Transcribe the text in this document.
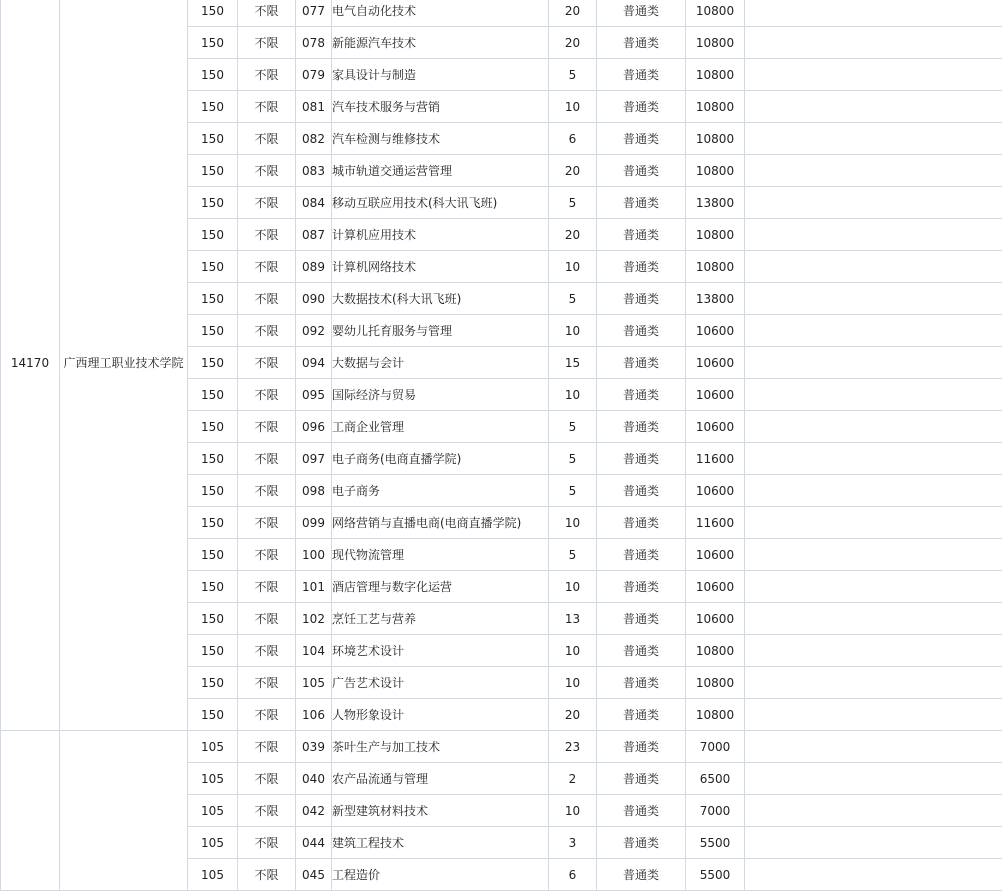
14170	广西理工职业技术学院	150	不限	077	电气自动化技术	20	普通类	10800	
		150	不限	078	新能源汽车技术	20	普通类	10800	
		150	不限	079	家具设计与制造	5	普通类	10800	
		150	不限	081	汽车技术服务与营销	10	普通类	10800	
		150	不限	082	汽车检测与维修技术	6	普通类	10800	
		150	不限	083	城市轨道交通运营管理	20	普通类	10800	
		150	不限	084	移动互联应用技术(科大讯飞班)	5	普通类	13800	
		150	不限	087	计算机应用技术	20	普通类	10800	
		150	不限	089	计算机网络技术	10	普通类	10800	
		150	不限	090	大数据技术(科大讯飞班)	5	普通类	13800	
		150	不限	092	婴幼儿托育服务与管理	10	普通类	10600	
		150	不限	094	大数据与会计	15	普通类	10600	
		150	不限	095	国际经济与贸易	10	普通类	10600	
		150	不限	096	工商企业管理	5	普通类	10600	
		150	不限	097	电子商务(电商直播学院)	5	普通类	11600	
		150	不限	098	电子商务	5	普通类	10600	
		150	不限	099	网络营销与直播电商(电商直播学院)	10	普通类	11600	
		150	不限	100	现代物流管理	5	普通类	10600	
		150	不限	101	酒店管理与数字化运营	10	普通类	10600	
		150	不限	102	烹饪工艺与营养	13	普通类	10600	
		150	不限	104	环境艺术设计	10	普通类	10800	
		150	不限	105	广告艺术设计	10	普通类	10800	
		150	不限	106	人物形象设计	20	普通类	10800	
		105	不限	039	茶叶生产与加工技术	23	普通类	7000	
		105	不限	040	农产品流通与管理	2	普通类	6500	
		105	不限	042	新型建筑材料技术	10	普通类	7000	
		105	不限	044	建筑工程技术	3	普通类	5500	
		105	不限	045	工程造价	6	普通类	5500	
